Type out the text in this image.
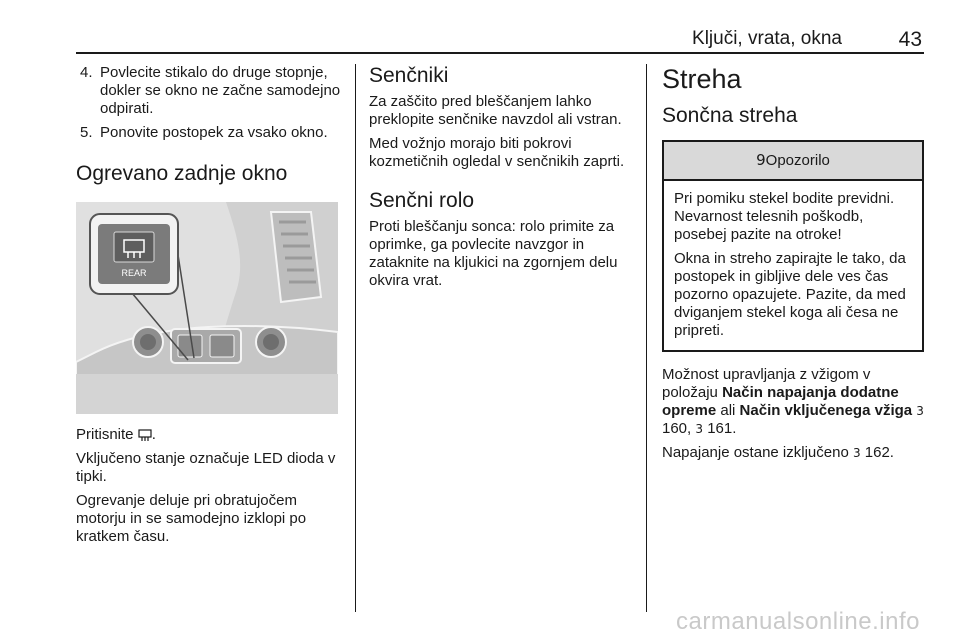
Ključi, vrata, okna	43
4. Povlecite stikalo do druge stopnje, dokler se okno ne začne samodejno odpirati.
5. Ponovite postopek za vsako okno.
Ogrevano zadnje okno
REAR

Pritisnite .

Vključeno stanje označuje LED dioda v tipki.

Ogrevanje deluje pri obratujočem motorju in se samodejno izklopi po kratkem času.

Senčniki

Za zaščito pred bleščanjem lahko preklopite senčnike navzdol ali vstran.

Med vožnjo morajo biti pokrovi kozmetičnih ogledal v senčnikih zaprti.

Senčni rolo

Proti bleščanju sonca: rolo primite za oprimke, ga povlecite navzgor in zataknite na kljukici na zgornjem delu okvira vrat.

Streha
Sončna streha
9Opozorilo

Pri pomiku stekel bodite previdni. Nevarnost telesnih poškodb, posebej pazite na otroke!

Okna in streho zapirajte le tako, da postopek in gibljive dele ves čas pozorno opazujete. Pazite, da med dviganjem stekel koga ali česa ne pripreti.

Možnost upravljanja z vžigom v položaju Način napajanja dodatne opreme ali Način vključenega vžiga 3 160, 3 161.

Napajanje ostane izključeno 3 162.

carmanualsonline.info
